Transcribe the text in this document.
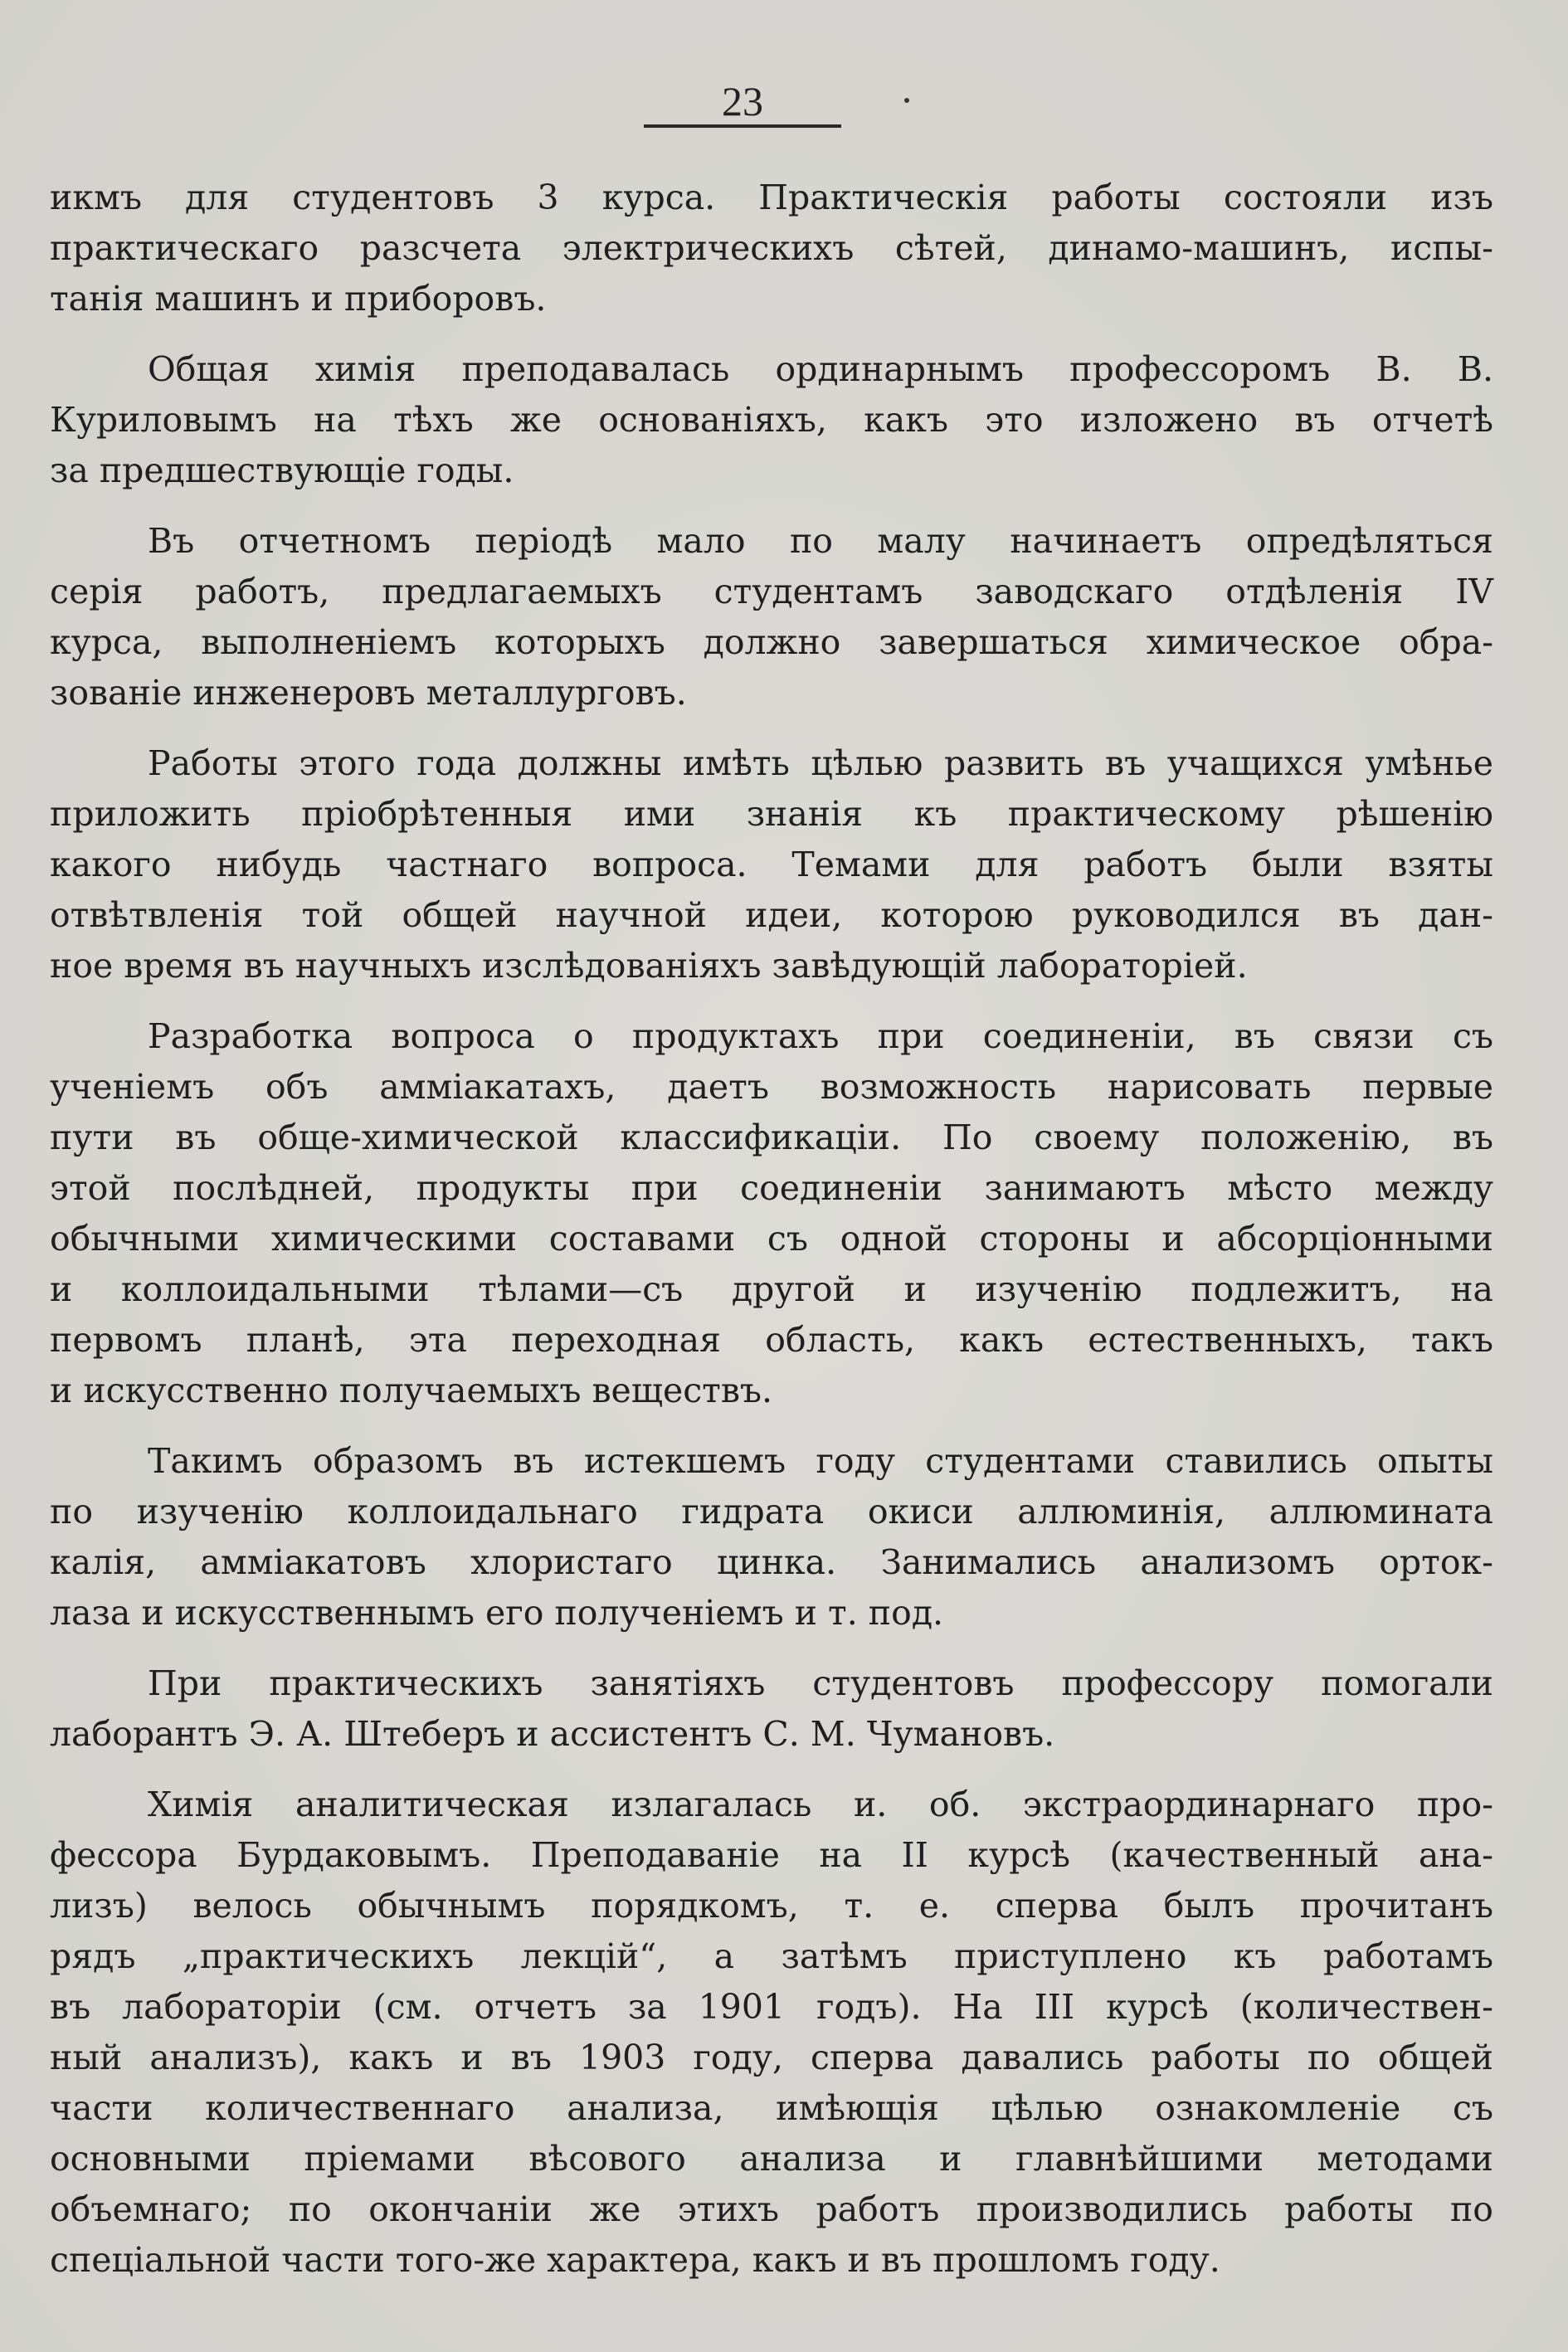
23
икмъ для студентовъ 3 курса. Практическія работы состояли изъ
практическаго разсчета электрическихъ сѣтей, динамо-машинъ, испы-
танія машинъ и приборовъ.
Общая химія преподавалась ординарнымъ профессоромъ В. В.
Куриловымъ на тѣхъ же основаніяхъ, какъ это изложено въ отчетѣ
за предшествующіе годы.
Въ отчетномъ періодѣ мало по малу начинаетъ опредѣляться
серія работъ, предлагаемыхъ студентамъ заводскаго отдѣленія IV
курса, выполненіемъ которыхъ должно завершаться химическое обра-
зованіе инженеровъ металлурговъ.
Работы этого года должны имѣть цѣлью развить въ учащихся умѣнье
приложить пріобрѣтенныя ими знанія къ практическому рѣшенію
какого нибудь частнаго вопроса. Темами для работъ были взяты
отвѣтвленія той общей научной идеи, которою руководился въ дан-
ное время въ научныхъ изслѣдованіяхъ завѣдующій лабораторіей.
Разработка вопроса о продуктахъ при соединеніи, въ связи съ
ученіемъ объ аммiакатахъ, даетъ возможность нарисовать первые
пути въ обще-химической классификаціи. По своему положенію, въ
этой послѣдней, продукты при соединеніи занимаютъ мѣсто между
обычными химическими составами съ одной стороны и абсорціонными
и коллоидальными тѣлами—съ другой и изученію подлежитъ, на
первомъ планѣ, эта переходная область, какъ естественныхъ, такъ
и искусственно получаемыхъ веществъ.
Такимъ образомъ въ истекшемъ году студентами ставились опыты
по изученію коллоидальнаго гидрата окиси аллюминія, аллюмината
калія, аммiакатовъ хлористаго цинка. Занимались анализомъ ортoк-
лаза и искусственнымъ его полученіемъ и т. под.
При практическихъ занятіяхъ студентовъ профессору помогали
лаборантъ Э. А. Штеберъ и ассистентъ С. М. Чумановъ.
Химія аналитическая излагалась и. об. экстраординарнаго про-
фессора Бурдаковымъ. Преподаваніе на II курсѣ (качественный ана-
лизъ) велось обычнымъ порядкомъ, т. е. сперва былъ прочитанъ
рядъ „практическихъ лекцій“, а затѣмъ приступлено къ работамъ
въ лабораторіи (см. отчетъ за 1901 годъ). На III курсѣ (количествен-
ный анализъ), какъ и въ 1903 году, сперва давались работы по общей
части количественнаго анализа, имѣющія цѣлью ознакомленіе съ
основными пріемами вѣсового анализа и главнѣйшими методами
объемнаго; по окончаніи же этихъ работъ производились работы по
спеціальной части того-же характера, какъ и въ прошломъ году.
